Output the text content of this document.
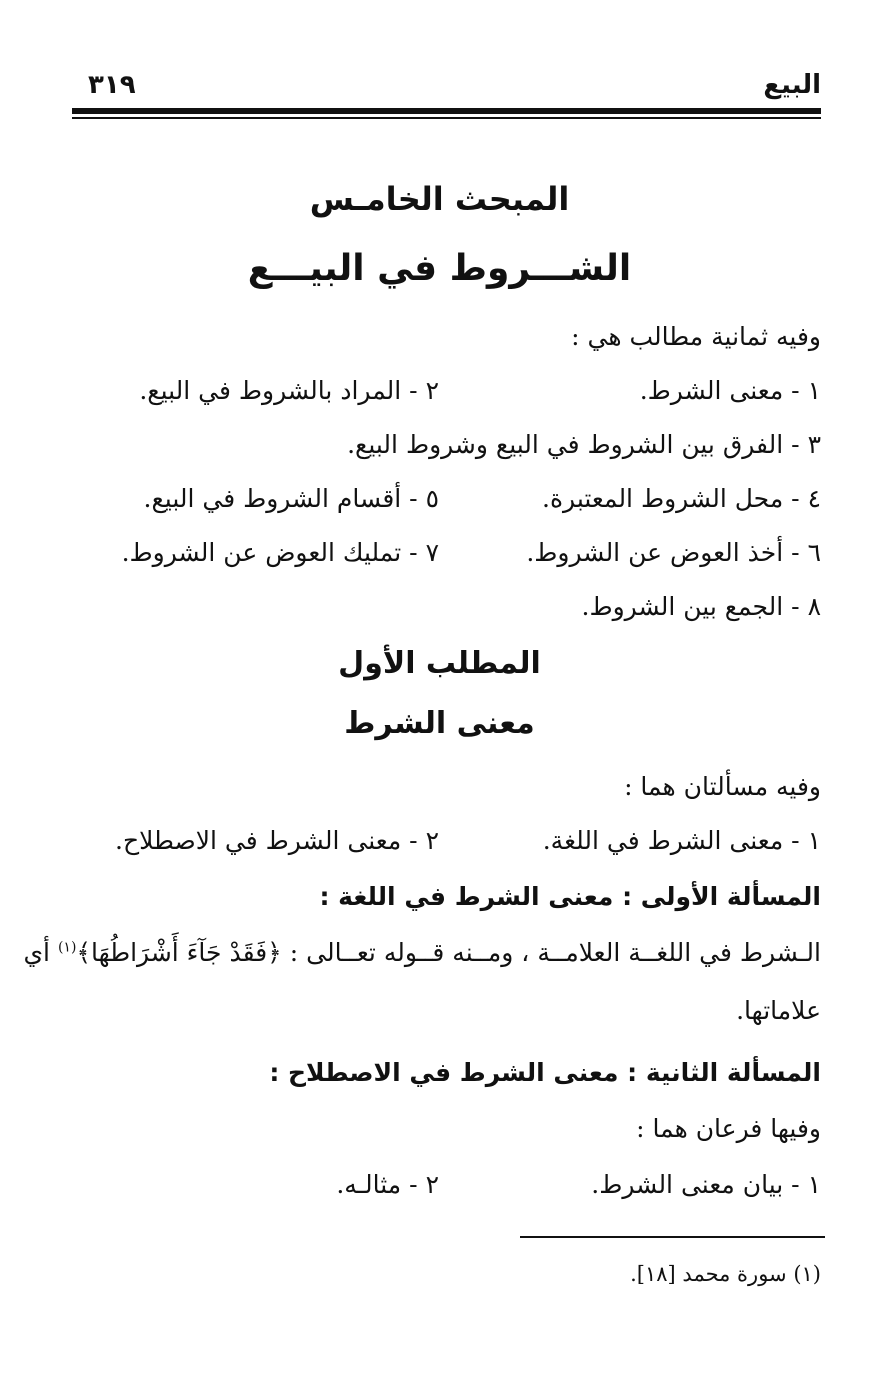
البيع
٣١٩
المبحث الخامـس
الشـــروط في البيـــع
وفيه ثمانية مطالب هي :
١ - معنى الشرط.
٢ - المراد بالشروط في البيع.
٣ - الفرق بين الشروط في البيع وشروط البيع.
٤ - محل الشروط المعتبرة.
٥ - أقسام الشروط في البيع.
٦ - أخذ العوض عن الشروط.
٧ - تمليك العوض عن الشروط.
٨ - الجمع بين الشروط.
المطلب الأول
معنى الشرط
وفيه مسألتان هما :
١ - معنى الشرط في اللغة.
٢ - معنى الشرط في الاصطلاح.
المسألة الأولى : معنى الشرط في اللغة :
الـشرط في اللغــة العلامــة ، ومــنه قــوله تعــالى : ﴿فَقَدْ جَآءَ أَشْرَاطُهَا﴾$^{(١)}$ أي
علاماتها.
المسألة الثانية : معنى الشرط في الاصطلاح :
وفيها فرعان هما :
١ - بيان معنى الشرط.
٢ - مثالـه.
(١) سورة محمد [١٨].
